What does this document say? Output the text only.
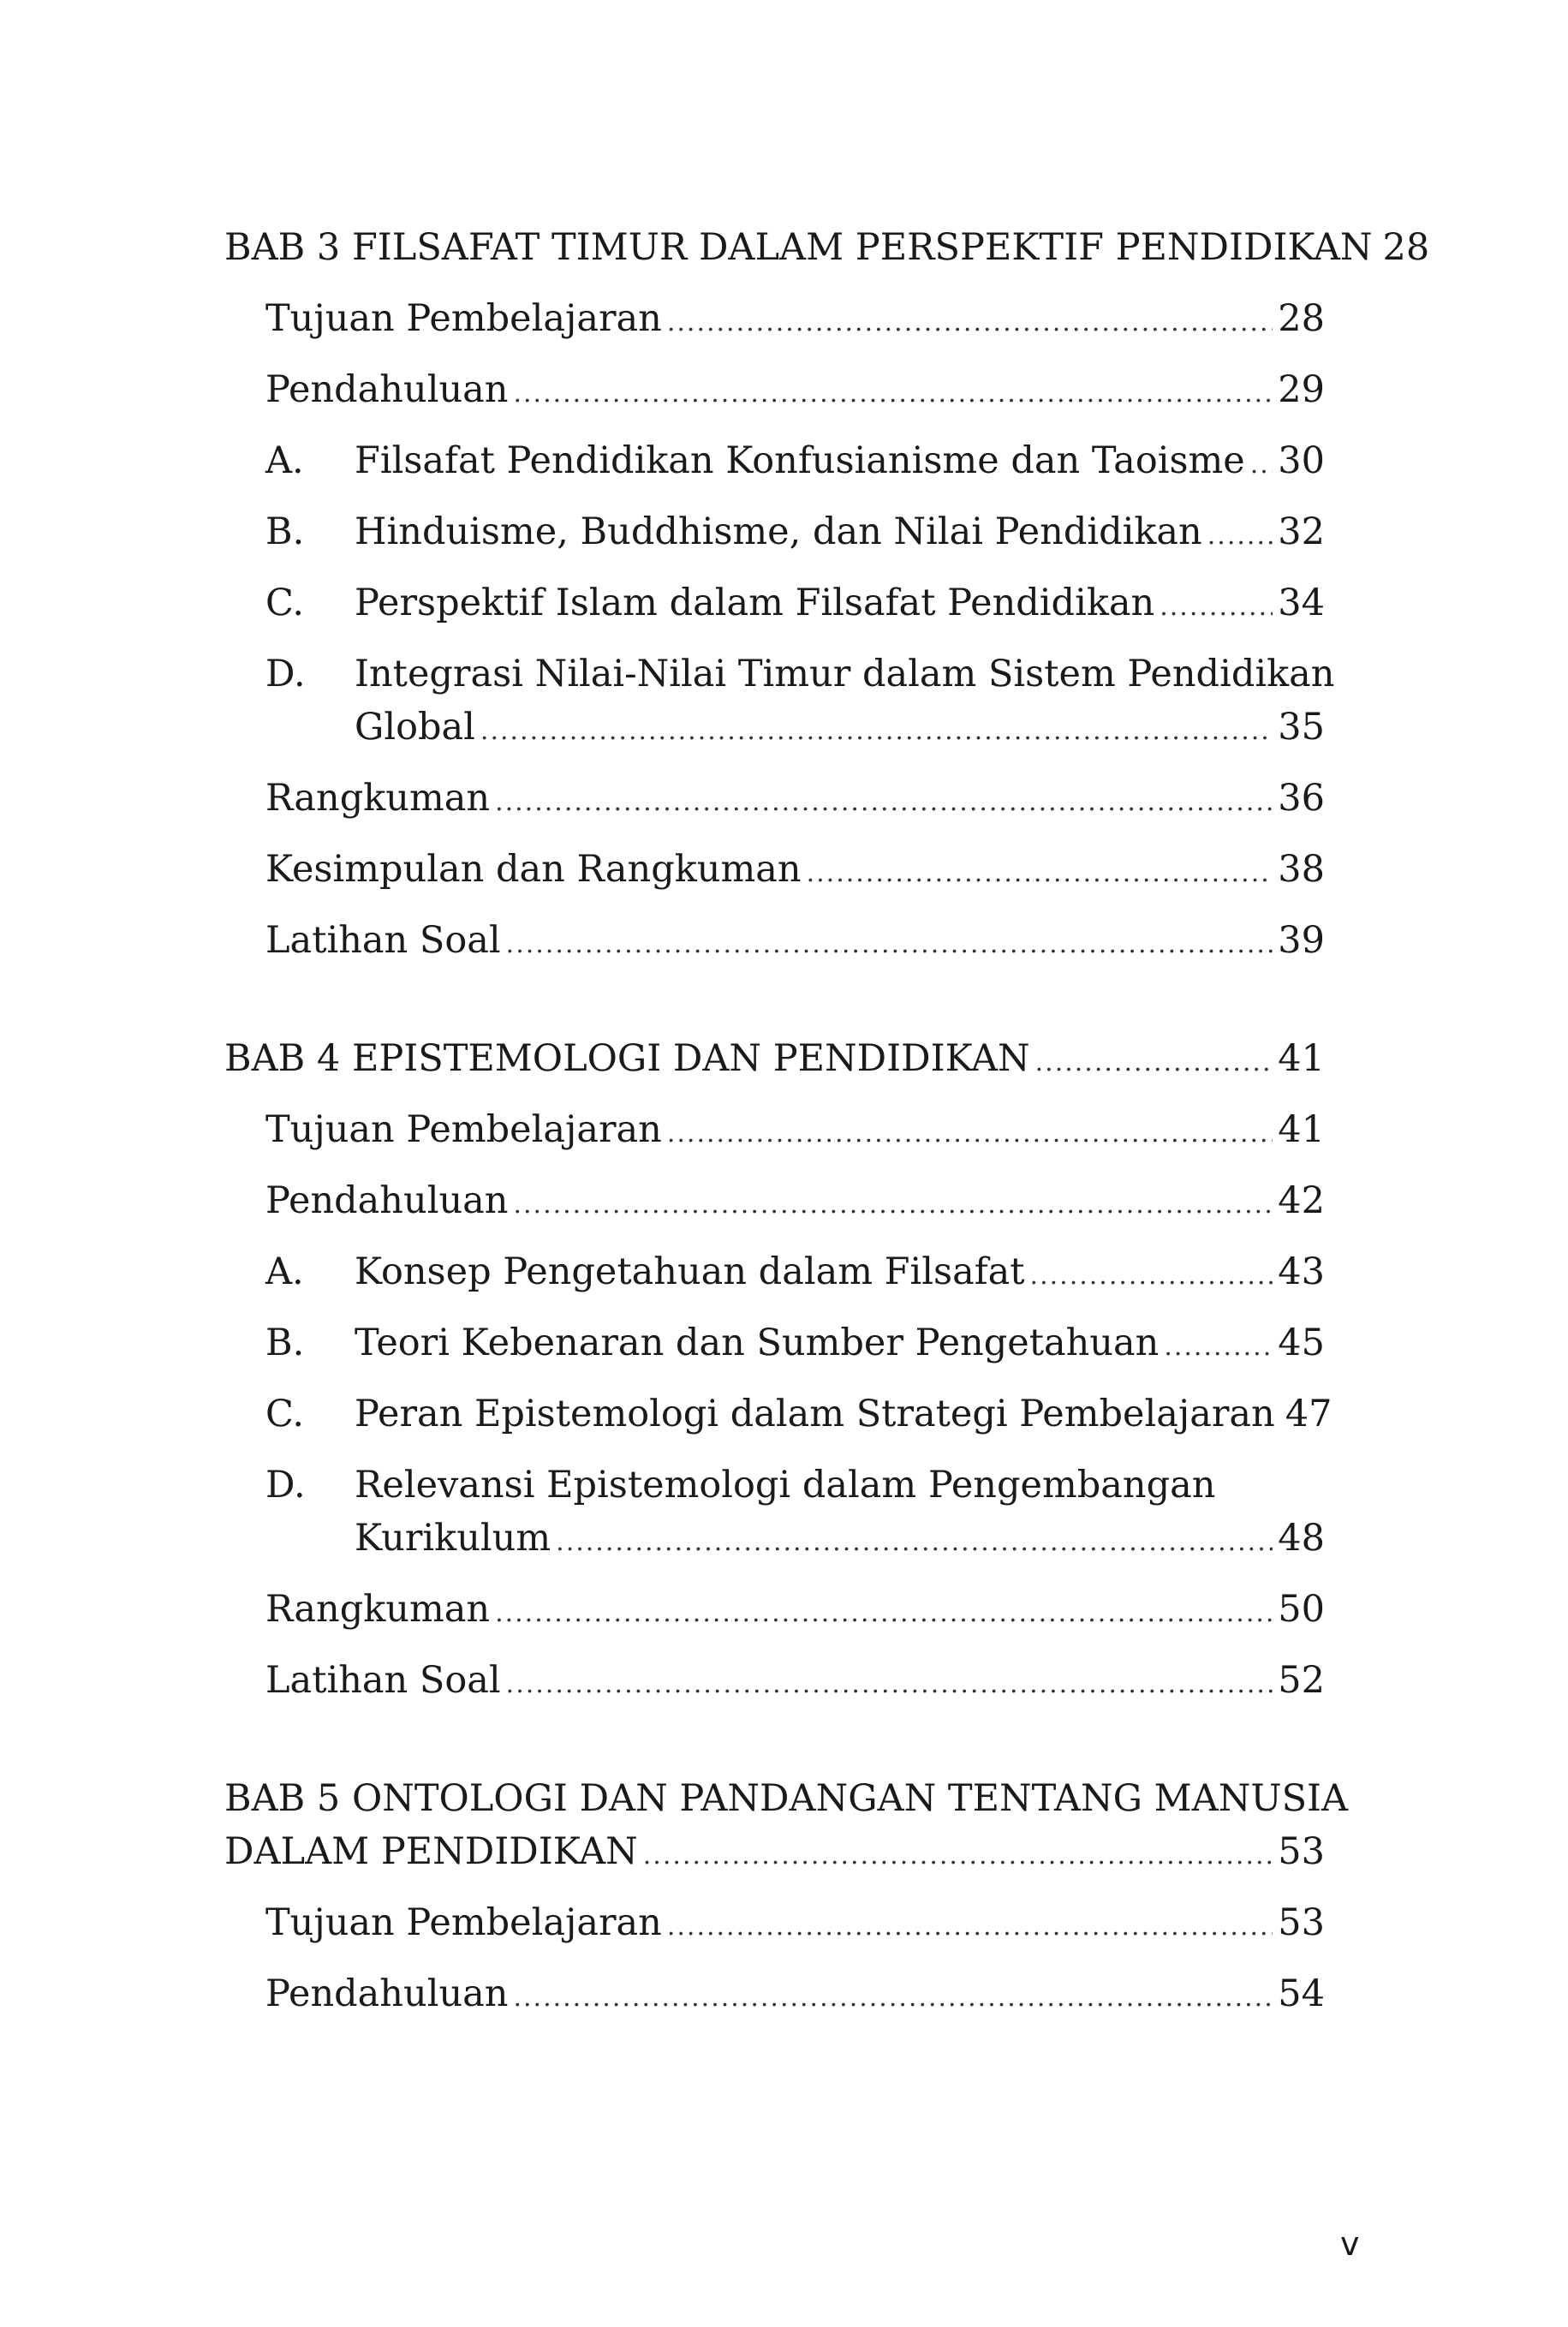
BAB 3 FILSAFAT TIMUR DALAM PERSPEKTIF PENDIDIKAN 28
Tujuan Pembelajaran .....	28
Pendahuluan .....	29
A.	Filsafat Pendidikan Konfusianisme dan Taoisme ..... 30
B.	Hinduisme, Buddhisme, dan Nilai Pendidikan ..... 32
C.	Perspektif Islam dalam Filsafat Pendidikan .....	34
D.	Integrasi Nilai-Nilai Timur dalam Sistem Pendidikan
Global .....	35
Rangkuman .....	36
Kesimpulan dan Rangkuman .....	38
Latihan Soal .....	39
BAB 4 EPISTEMOLOGI DAN PENDIDIKAN .....	41
Tujuan Pembelajaran .....	41
Pendahuluan .....	42
A.	Konsep Pengetahuan dalam Filsafat .....	43
B.	Teori Kebenaran dan Sumber Pengetahuan .....	45
C.	Peran Epistemologi dalam Strategi Pembelajaran 47
D.	Relevansi Epistemologi dalam Pengembangan
Kurikulum .....	48
Rangkuman .....	50
Latihan Soal .....	52
BAB 5 ONTOLOGI DAN PANDANGAN TENTANG MANUSIA
DALAM PENDIDIKAN .....	53
Tujuan Pembelajaran .....	53
Pendahuluan .....	54
v
